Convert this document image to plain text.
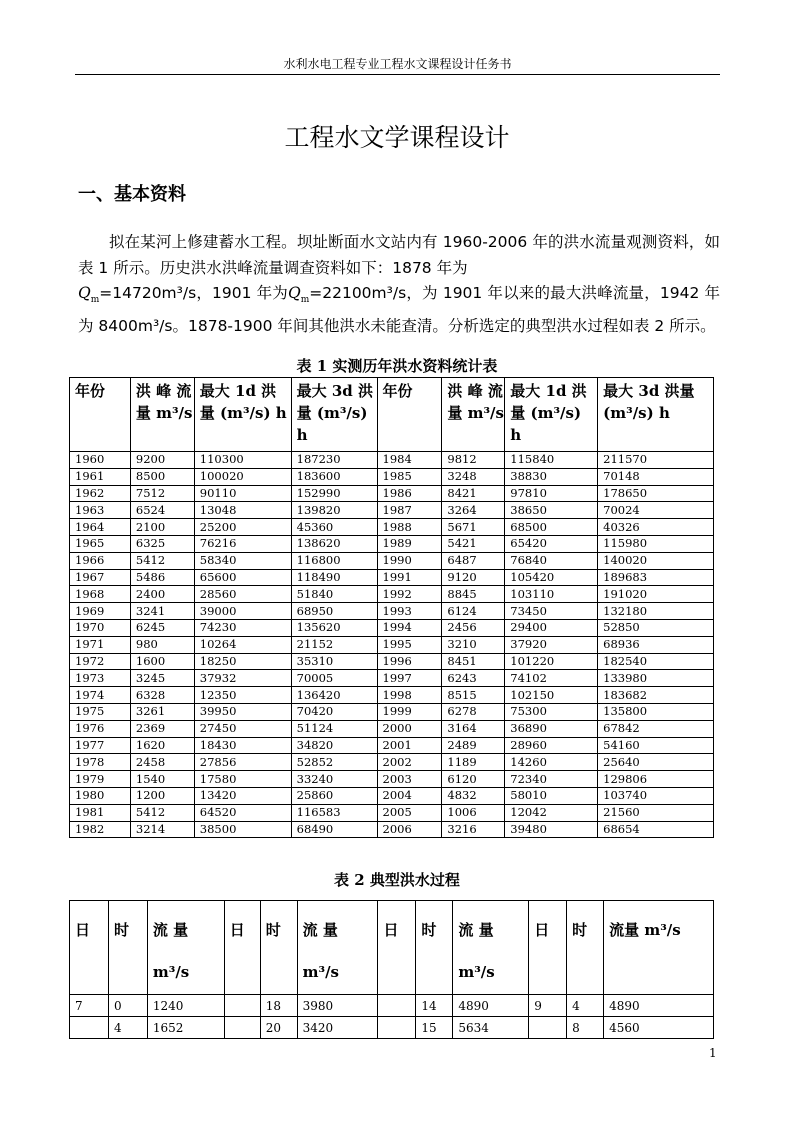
水利水电工程专业工程水文课程设计任务书
工程水文学课程设计
一、基本资料

拟在某河上修建蓄水工程。坝址断面水文站内有 1960-2006 年的洪水流量观测资料，如表 1 所示。历史洪水洪峰流量调查资料如下：1878 年为
$Q_m=14720m^3/s$，1901 年为$Q_m=22100m^3/s$，为 1901 年以来的最大洪峰流量，1942 年为 8400m³/s。1878-1900 年间其他洪水未能查清。分析选定的典型洪水过程如表 2 所示。

表 1 实测历年洪水资料统计表
年份	洪 峰 流 量 m³/s	最大 1d 洪量 (m³/s) h	最大 3d 洪 量 (m³/s) h	年份	洪 峰 流 量 m³/s	最大 1d 洪量 (m³/s) h	最大 3d 洪量(m³/s) h
1960	9200	110300	187230	1984	9812	115840	211570
1961	8500	100020	183600	1985	3248	38830	70148
1962	7512	90110	152990	1986	8421	97810	178650
1963	6524	13048	139820	1987	3264	38650	70024
1964	2100	25200	45360	1988	5671	68500	40326
1965	6325	76216	138620	1989	5421	65420	115980
1966	5412	58340	116800	1990	6487	76840	140020
1967	5486	65600	118490	1991	9120	105420	189683
1968	2400	28560	51840	1992	8845	103110	191020
1969	3241	39000	68950	1993	6124	73450	132180
1970	6245	74230	135620	1994	2456	29400	52850
1971	980	10264	21152	1995	3210	37920	68936
1972	1600	18250	35310	1996	8451	101220	182540
1973	3245	37932	70005	1997	6243	74102	133980
1974	6328	12350	136420	1998	8515	102150	183682
1975	3261	39950	70420	1999	6278	75300	135800
1976	2369	27450	51124	2000	3164	36890	67842
1977	1620	18430	34820	2001	2489	28960	54160
1978	2458	27856	52852	2002	1189	14260	25640
1979	1540	17580	33240	2003	6120	72340	129806
1980	1200	13420	25860	2004	4832	58010	103740
1981	5412	64520	116583	2005	1006	12042	21560
1982	3214	38500	68490	2006	3216	39480	68654
表 2 典型洪水过程
日	时	流 量 m³/s	日	时	流 量 m³/s	日	时	流 量 m³/s	日	时	流量 m³/s
7	0	1240		18	3980		14	4890	9	4	4890
	4	1652		20	3420		15	5634		8	4560
1
